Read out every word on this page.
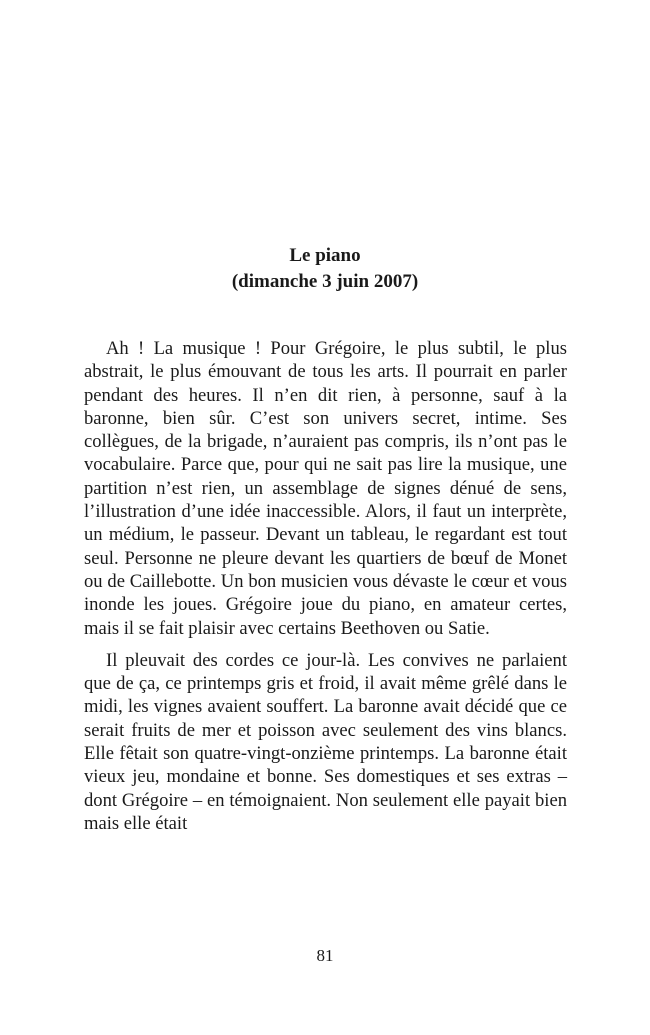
Le piano
(dimanche 3 juin 2007)

Ah ! La musique ! Pour Grégoire, le plus subtil, le plus abstrait, le plus émouvant de tous les arts. Il pourrait en parler pendant des heures. Il n’en dit rien, à personne, sauf à la baronne, bien sûr. C’est son univers secret, intime. Ses collègues, de la brigade, n’auraient pas compris, ils n’ont pas le vocabulaire. Parce que, pour qui ne sait pas lire la musique, une partition n’est rien, un assemblage de signes dénué de sens, l’illustration d’une idée inaccessible. Alors, il faut un interprète, un médium, le passeur. Devant un tableau, le regardant est tout seul. Personne ne pleure devant les quartiers de bœuf de Monet ou de Caillebotte. Un bon musicien vous dévaste le cœur et vous inonde les joues. Grégoire joue du piano, en amateur certes, mais il se fait plaisir avec certains Beethoven ou Satie.

Il pleuvait des cordes ce jour-là. Les convives ne parlaient que de ça, ce printemps gris et froid, il avait même grêlé dans le midi, les vignes avaient souffert. La baronne avait décidé que ce serait fruits de mer et poisson avec seulement des vins blancs. Elle fêtait son quatre-vingt-onzième printemps. La baronne était vieux jeu, mondaine et bonne. Ses domestiques et ses extras – dont Grégoire – en témoignaient. Non seulement elle payait bien mais elle était

81
